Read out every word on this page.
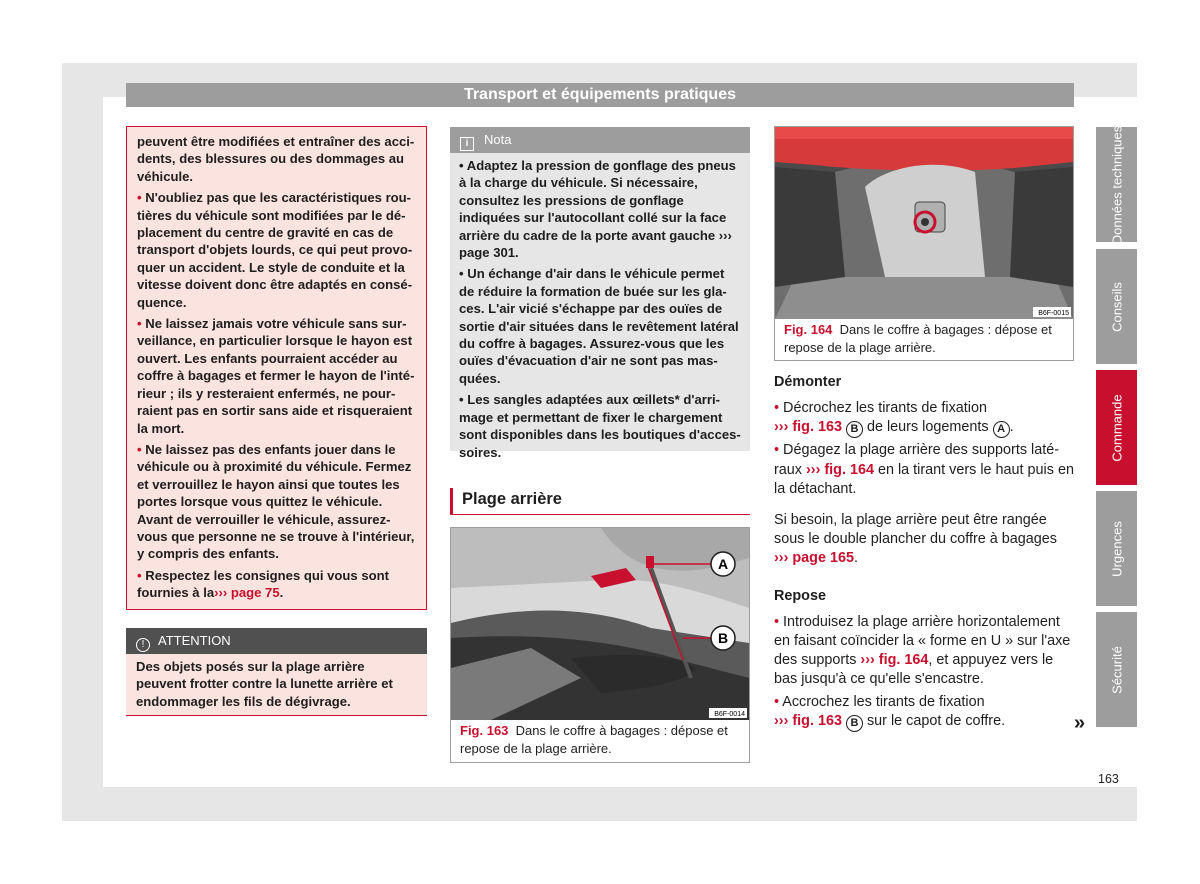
Transport et équipements pratiques

peuvent être modifiées et entraîner des accidents, des blessures ou des dommages au véhicule.

• N'oubliez pas que les caractéristiques routières du véhicule sont modifiées par le déplacement du centre de gravité en cas de transport d'objets lourds, ce qui peut provoquer un accident. Le style de conduite et la vitesse doivent donc être adaptés en conséquence.

• Ne laissez jamais votre véhicule sans surveillance, en particulier lorsque le hayon est ouvert. Les enfants pourraient accéder au coffre à bagages et fermer le hayon de l'intérieur ; ils y resteraient enfermés, ne pourraient pas en sortir sans aide et risqueraient la mort.

• Ne laissez pas des enfants jouer dans le véhicule ou à proximité du véhicule. Fermez et verrouillez le hayon ainsi que toutes les portes lorsque vous quittez le véhicule. Avant de verrouiller le véhicule, assurez-vous que personne ne se trouve à l'intérieur, y compris des enfants.

• Respectez les consignes qui vous sont fournies à la››› page 75.

! ATTENTION
Des objets posés sur la plage arrière peuvent frotter contre la lunette arrière et endommager les fils de dégivrage.
i Nota

• Adaptez la pression de gonflage des pneus à la charge du véhicule. Si nécessaire, consultez les pressions de gonflage indiquées sur l'autocollant collé sur la face arrière du cadre de la porte avant gauche ››› page 301.

• Un échange d'air dans le véhicule permet de réduire la formation de buée sur les glaces. L'air vicié s'échappe par des ouïes de sortie d'air situées dans le revêtement latéral du coffre à bagages. Assurez-vous que les ouïes d'évacuation d'air ne sont pas masquées.

• Les sangles adaptées aux œillets* d'arrimage et permettant de fixer le chargement sont disponibles dans les boutiques d'accessoires.

Plage arrière
A
B
B6F-0014
Fig. 163 Dans le coffre à bagages : dépose et repose de la plage arrière.
B6F-0015
Fig. 164 Dans le coffre à bagages : dépose et repose de la plage arrière.
Démonter

• Décrochez les tirants de fixation
››› fig. 163 B de leurs logements A .

• Dégagez la plage arrière des supports latéraux ››› fig. 164 en la tirant vers le haut puis en la détachant.

Si besoin, la plage arrière peut être rangée sous le double plancher du coffre à bagages ››› page 165.

Repose

• Introduisez la plage arrière horizontalement en faisant coïncider la « forme en U » sur l'axe des supports ››› fig. 164, et appuyez vers le bas jusqu'à ce qu'elle s'encastre.

• Accrochez les tirants de fixation
››› fig. 163 B sur le capot de coffre.	»
Données techniques
Conseils
Commande
Urgences
Sécurité
163
